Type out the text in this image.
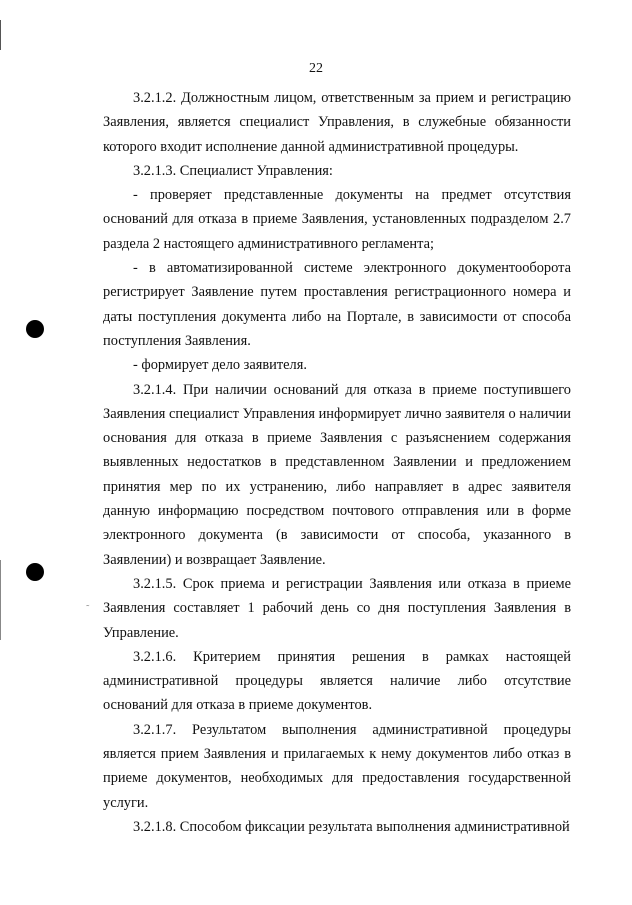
˜
22

3.2.1.2. Должностным лицом, ответственным за прием и регистрацию Заявления, является специалист Управления, в служебные обязанности которого входит исполнение данной административной процедуры.

3.2.1.3. Специалист Управления:

- проверяет представленные документы на предмет отсутствия оснований для отказа в приеме Заявления, установленных подразделом 2.7 раздела 2 настоящего административного регламента;

- в автоматизированной системе электронного документооборота регистрирует Заявление путем проставления регистрационного номера и даты поступления документа либо на Портале, в зависимости от способа поступления Заявления.

- формирует дело заявителя.

3.2.1.4. При наличии оснований для отказа в приеме поступившего Заявления специалист Управления информирует лично заявителя о наличии основания для отказа в приеме Заявления с разъяснением содержания выявленных недостатков в представленном Заявлении и предложением принятия мер по их устранению, либо направляет в адрес заявителя данную информацию посредством почтового отправления или в форме электронного документа (в зависимости от способа, указанного в Заявлении) и возвращает Заявление.

3.2.1.5. Срок приема и регистрации Заявления или отказа в приеме Заявления составляет 1 рабочий день со дня поступления Заявления в Управление.

3.2.1.6. Критерием принятия решения в рамках настоящей административной процедуры является наличие либо отсутствие оснований для отказа в приеме документов.

3.2.1.7. Результатом выполнения административной процедуры является прием Заявления и прилагаемых к нему документов либо отказ в приеме документов, необходимых для предоставления государственной услуги.

3.2.1.8. Способом фиксации результата выполнения административной
